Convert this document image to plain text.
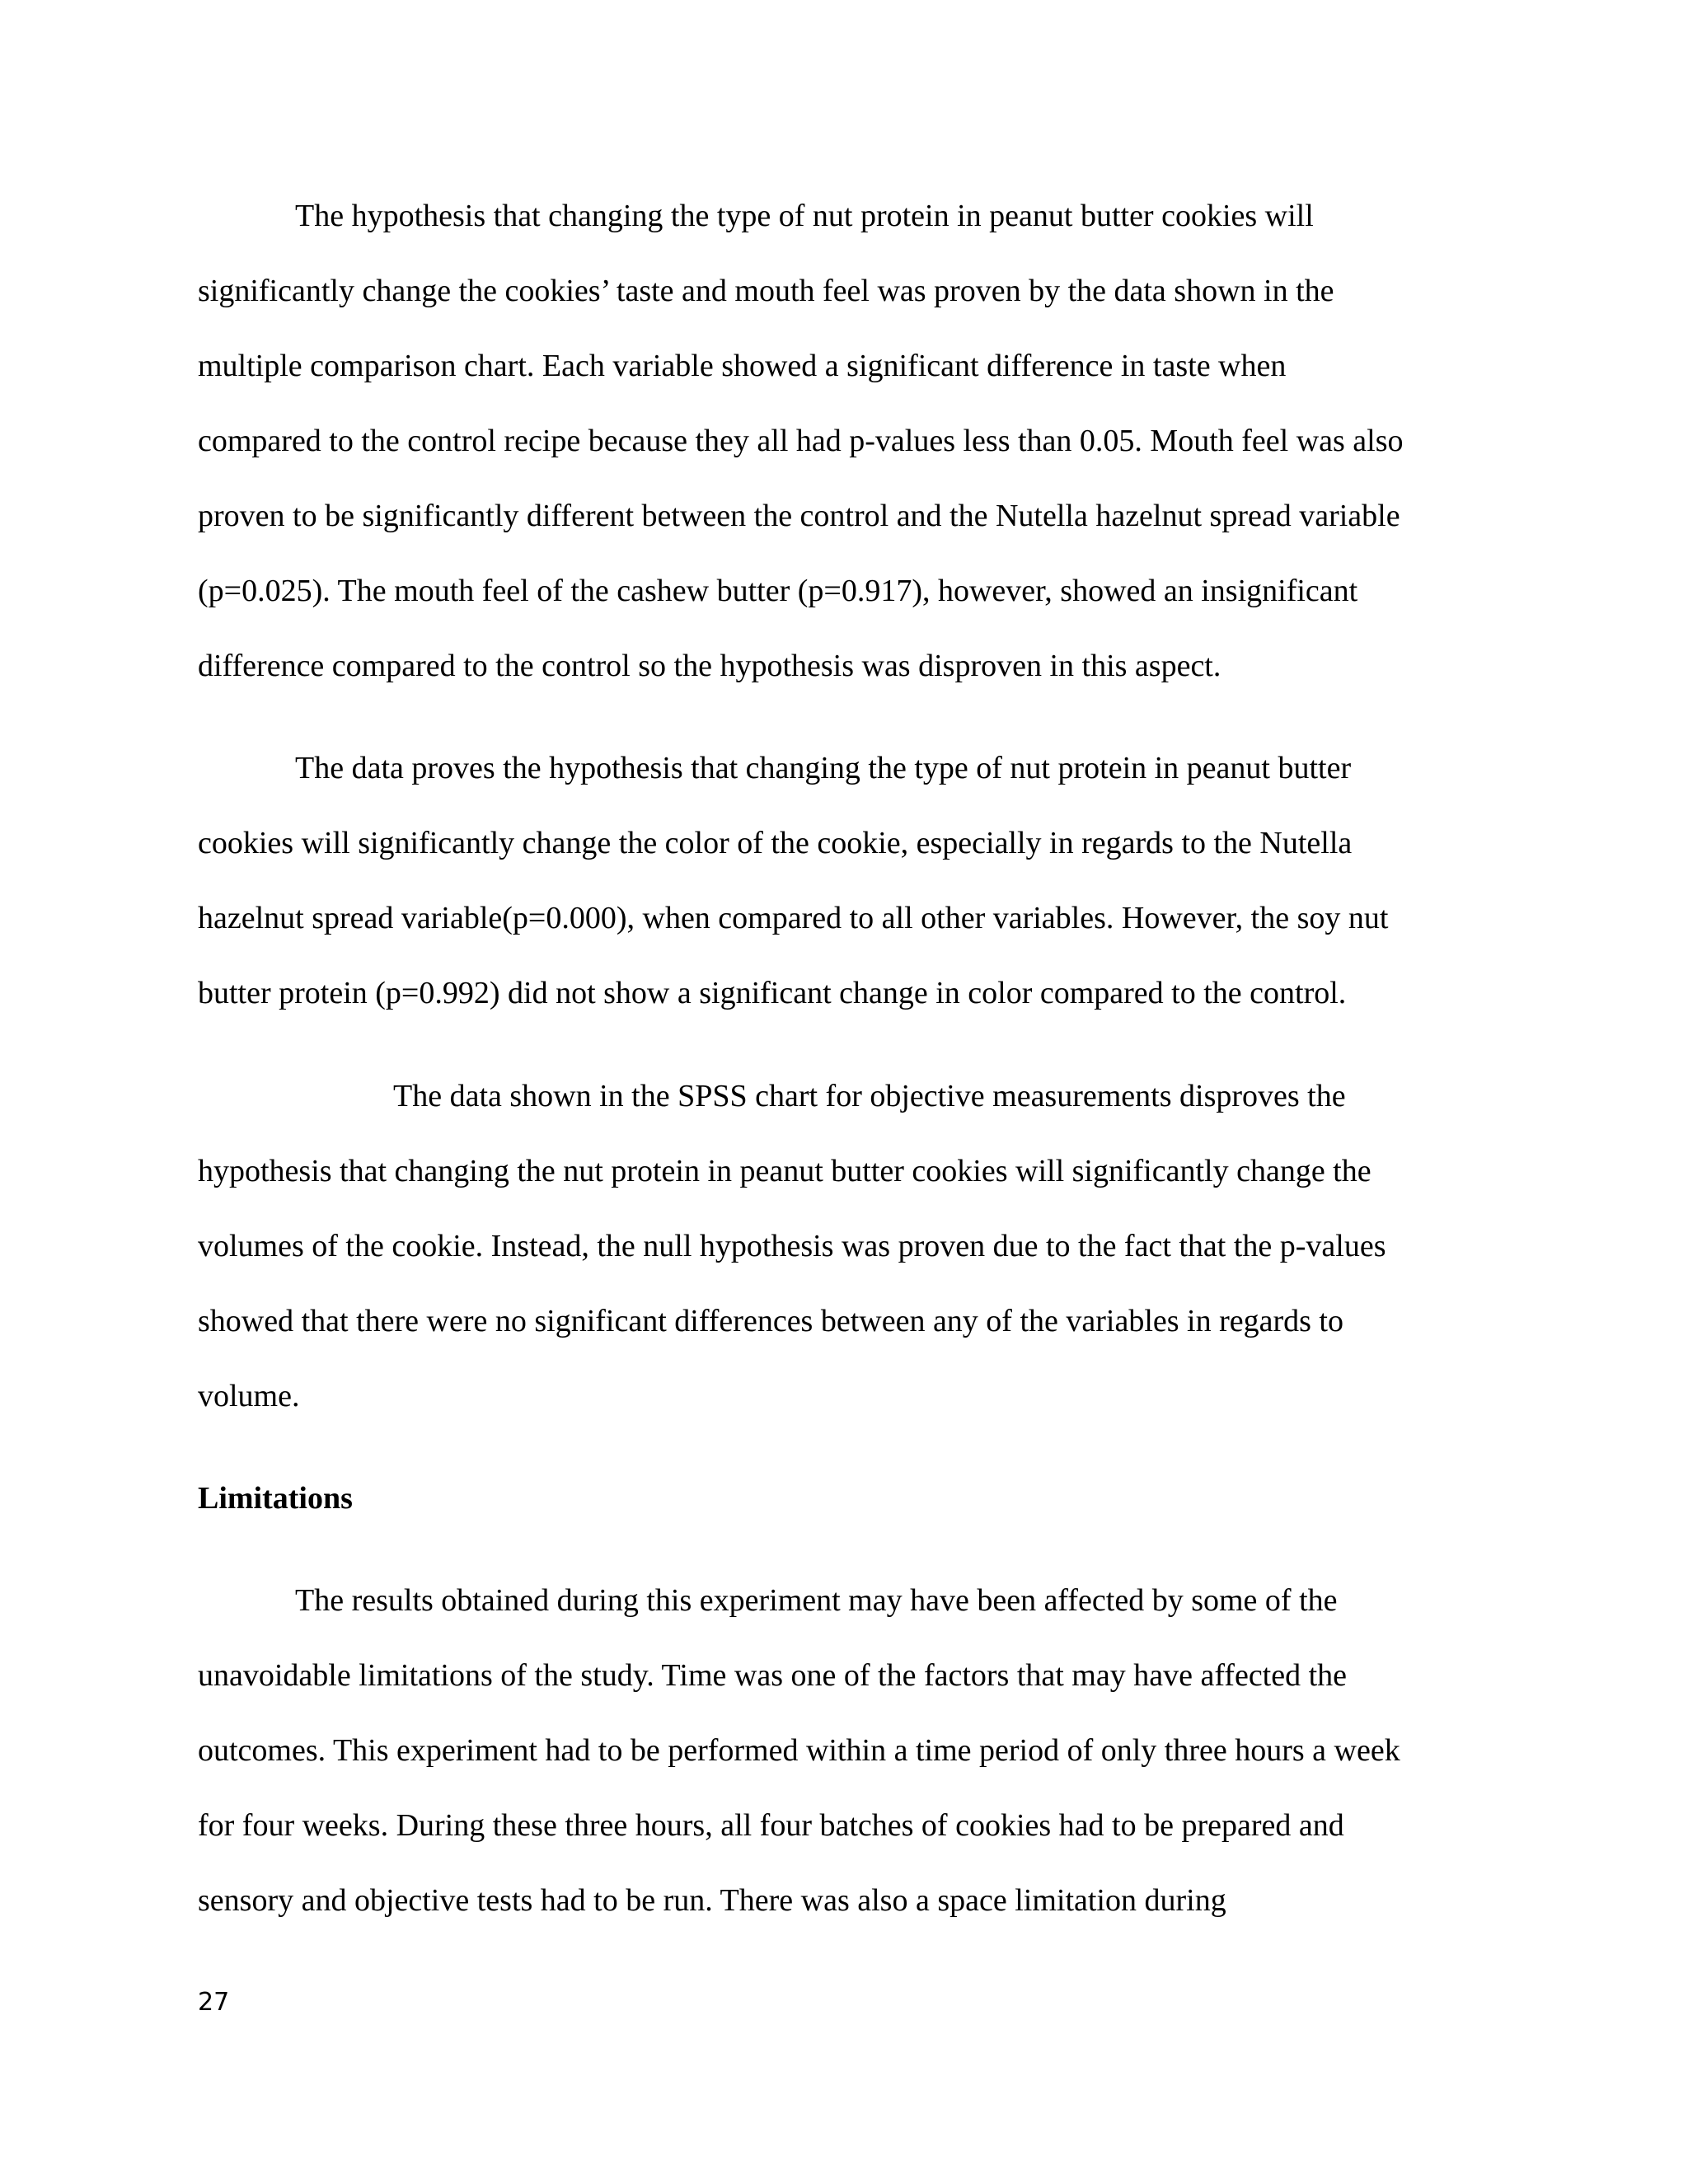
The hypothesis that changing the type of nut protein in peanut butter cookies will

significantly change the cookies’ taste and mouth feel was proven by the data shown in the

multiple comparison chart. Each variable showed a significant difference in taste when

compared to the control recipe because they all had p-values less than 0.05. Mouth feel was also

proven to be significantly different between the control and the Nutella hazelnut spread variable

(p=0.025). The mouth feel of the cashew butter (p=0.917), however, showed an insignificant

difference compared to the control so the hypothesis was disproven in this aspect.

The data proves the hypothesis that changing the type of nut protein in peanut butter

cookies will significantly change the color of the cookie, especially in regards to the Nutella

hazelnut spread variable(p=0.000), when compared to all other variables. However, the soy nut

butter protein (p=0.992) did not show a significant change in color compared to the control.

The data shown in the SPSS chart for objective measurements disproves the

hypothesis that changing the nut protein in peanut butter cookies will significantly change the

volumes of the cookie. Instead, the null hypothesis was proven due to the fact that the p-values

showed that there were no significant differences between any of the variables in regards to

volume.

Limitations

The results obtained during this experiment may have been affected by some of the

unavoidable limitations of the study. Time was one of the factors that may have affected the

outcomes. This experiment had to be performed within a time period of only three hours a week

for four weeks. During these three hours, all four batches of cookies had to be prepared and

sensory and objective tests had to be run. There was also a space limitation during

27
